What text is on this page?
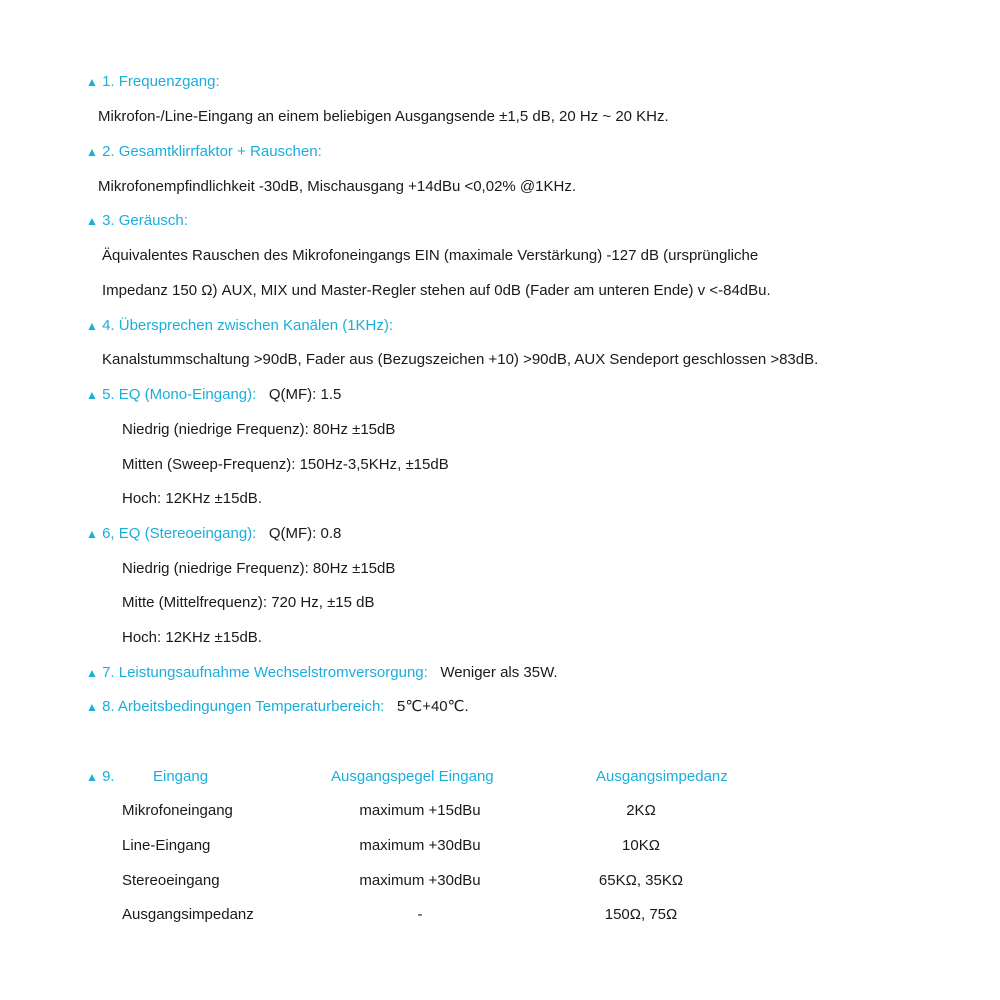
▲ 1. Frequenzgang:
Mikrofon-/Line-Eingang an einem beliebigen Ausgangsende ±1,5 dB, 20 Hz ~ 20 KHz.
▲ 2. Gesamtklirrfaktor + Rauschen:
Mikrofonempfindlichkeit -30dB, Mischausgang +14dBu <0,02% @1KHz.
▲ 3. Geräusch:
Äquivalentes Rauschen des Mikrofoneingangs EIN (maximale Verstärkung) -127 dB (ursprüngliche
Impedanz 150 Ω) AUX, MIX und Master-Regler stehen auf 0dB (Fader am unteren Ende) v <-84dBu.
▲ 4. Übersprechen zwischen Kanälen (1KHz):
Kanalstummschaltung >90dB, Fader aus (Bezugszeichen +10) >90dB, AUX Sendeport geschlossen >83dB.
▲ 5. EQ (Mono-Eingang): Q(MF): 1.5
Niedrig (niedrige Frequenz): 80Hz ±15dB
Mitten (Sweep-Frequenz): 150Hz-3,5KHz, ±15dB
Hoch: 12KHz ±15dB.
▲ 6, EQ (Stereoeingang): Q(MF): 0.8
Niedrig (niedrige Frequenz): 80Hz ±15dB
Mitte (Mittelfrequenz): 720 Hz, ±15 dB
Hoch: 12KHz ±15dB.
▲ 7. Leistungsaufnahme Wechselstromversorgung: Weniger als 35W.
▲ 8. Arbeitsbedingungen Temperaturbereich: 5℃+40℃.
▲ 9.	Eingang	Ausgangspegel Eingang	Ausgangsimpedanz
Mikrofoneingang	maximum +15dBu	2KΩ
Line-Eingang	maximum +30dBu	10KΩ
Stereoeingang	maximum +30dBu	65KΩ, 35KΩ
Ausgangsimpedanz	-	150Ω, 75Ω
